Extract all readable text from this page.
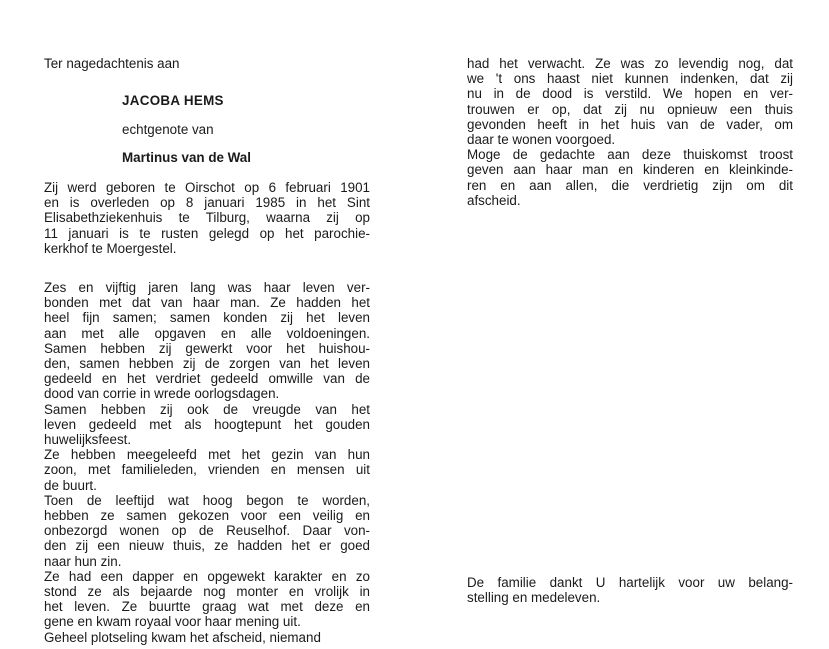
Ter nagedachtenis aan

JACOBA HEMS

echtgenote van

Martinus van de Wal

Zij werd geboren te Oirschot op 6 februari 1901
en is overleden op 8 januari 1985 in het Sint
Elisabethziekenhuis te Tilburg, waarna zij op
11 januari is te rusten gelegd op het parochie-
kerkhof te Moergestel.
Zes en vijftig jaren lang was haar leven ver-
bonden met dat van haar man. Ze hadden het
heel fijn samen; samen konden zij het leven
aan met alle opgaven en alle voldoeningen.
Samen hebben zij gewerkt voor het huishou-
den, samen hebben zij de zorgen van het leven
gedeeld en het verdriet gedeeld omwille van de
dood van corrie in wrede oorlogsdagen.
Samen hebben zij ook de vreugde van het
leven gedeeld met als hoogtepunt het gouden
huwelijksfeest.
Ze hebben meegeleefd met het gezin van hun
zoon, met familieleden, vrienden en mensen uit
de buurt.
Toen de leeftijd wat hoog begon te worden,
hebben ze samen gekozen voor een veilig en
onbezorgd wonen op de Reuselhof. Daar von-
den zij een nieuw thuis, ze hadden het er goed
naar hun zin.
Ze had een dapper en opgewekt karakter en zo
stond ze als bejaarde nog monter en vrolijk in
het leven. Ze buurtte graag wat met deze en
gene en kwam royaal voor haar mening uit.
Geheel plotseling kwam het afscheid, niemand
had het verwacht. Ze was zo levendig nog, dat
we 't ons haast niet kunnen indenken, dat zij
nu in de dood is verstild. We hopen en ver-
trouwen er op, dat zij nu opnieuw een thuis
gevonden heeft in het huis van de vader, om
daar te wonen voorgoed.
Moge de gedachte aan deze thuiskomst troost
geven aan haar man en kinderen en kleinkinde-
ren en aan allen, die verdrietig zijn om dit
afscheid.
De familie dankt U hartelijk voor uw belang-
stelling en medeleven.
